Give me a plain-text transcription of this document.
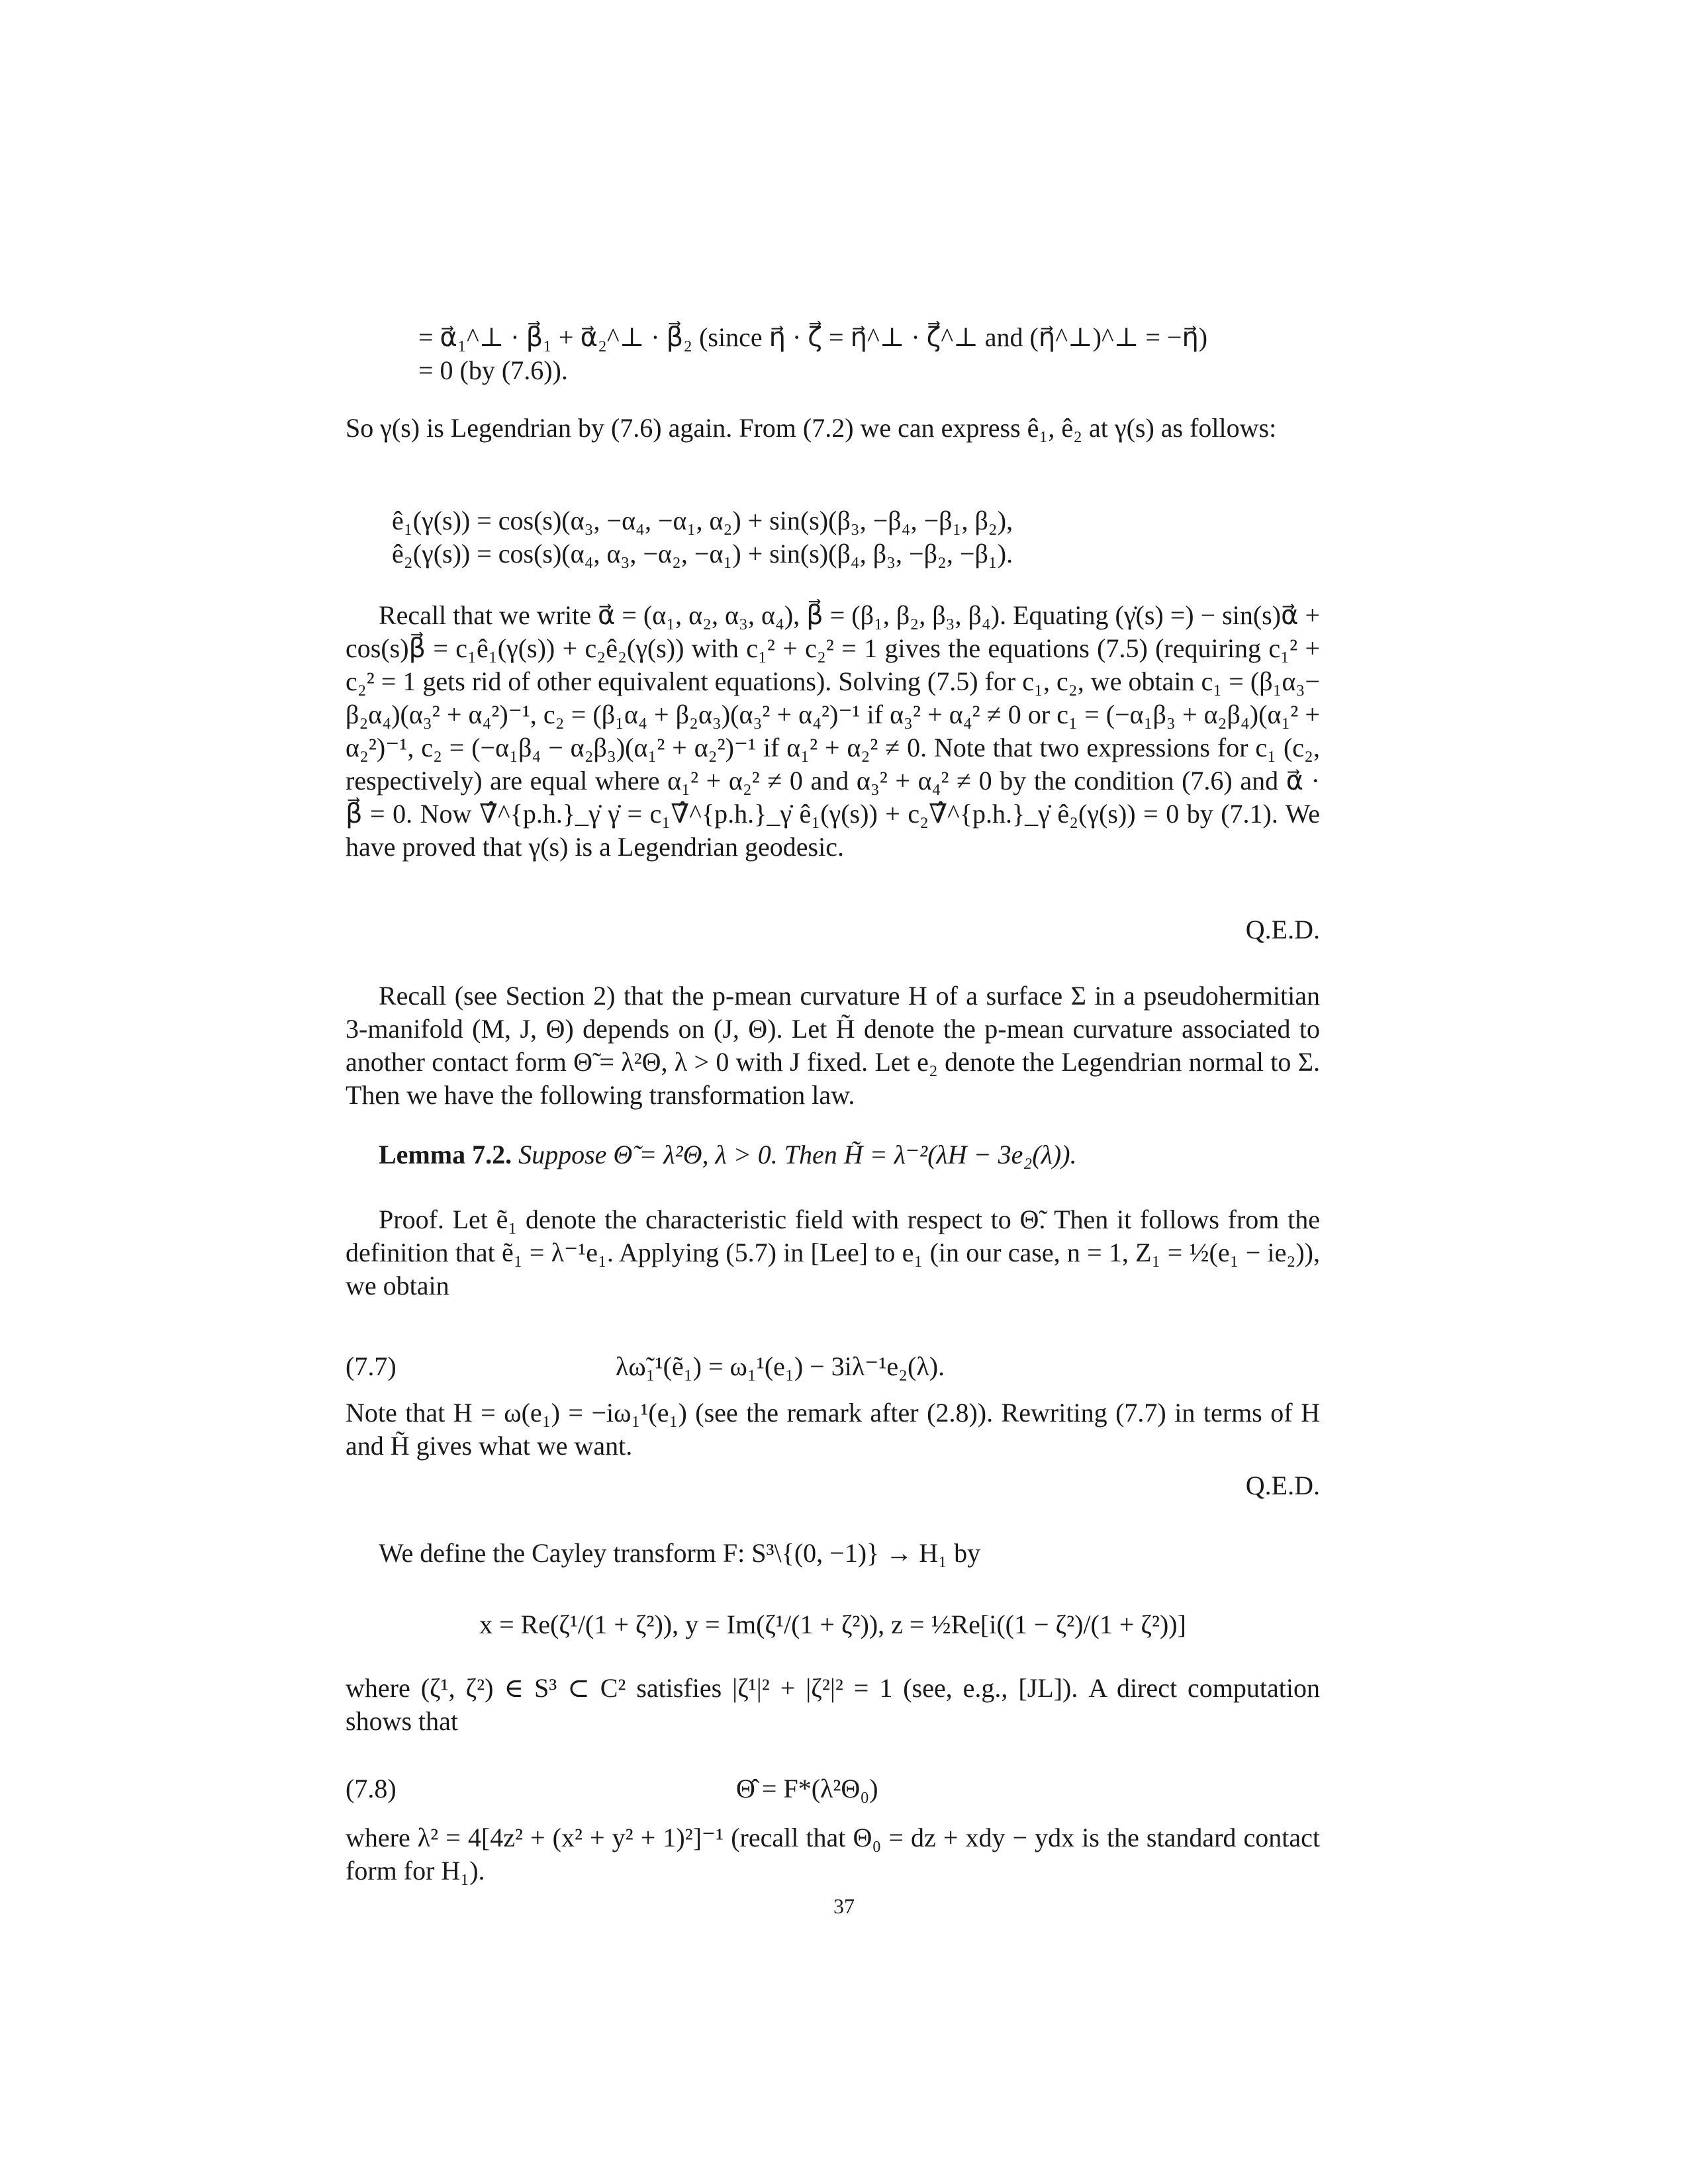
= α⃗₁^⊥ · β⃗₁ + α⃗₂^⊥ · β⃗₂ (since η⃗ · ζ⃗ = η⃗^⊥ · ζ⃗^⊥ and (η⃗^⊥)^⊥ = −η⃗)
= 0 (by (7.6)).

So γ(s) is Legendrian by (7.6) again. From (7.2) we can express ê₁, ê₂ at γ(s) as follows:

ê₁(γ(s)) = cos(s)(α₃, −α₄, −α₁, α₂) + sin(s)(β₃, −β₄, −β₁, β₂),
ê₂(γ(s)) = cos(s)(α₄, α₃, −α₂, −α₁) + sin(s)(β₄, β₃, −β₂, −β₁).

Recall that we write α⃗ = (α₁, α₂, α₃, α₄), β⃗ = (β₁, β₂, β₃, β₄). Equating (γ̇(s) =) − sin(s)α⃗ + cos(s)β⃗ = c₁ê₁(γ(s)) + c₂ê₂(γ(s)) with c₁² + c₂² = 1 gives the equations (7.5) (requiring c₁² + c₂² = 1 gets rid of other equivalent equations). Solving (7.5) for c₁, c₂, we obtain c₁ = (β₁α₃− β₂α₄)(α₃² + α₄²)⁻¹, c₂ = (β₁α₄ + β₂α₃)(α₃² + α₄²)⁻¹ if α₃² + α₄² ≠ 0 or c₁ = (−α₁β₃ + α₂β₄)(α₁² + α₂²)⁻¹, c₂ = (−α₁β₄ − α₂β₃)(α₁² + α₂²)⁻¹ if α₁² + α₂² ≠ 0. Note that two expressions for c₁ (c₂, respectively) are equal where α₁² + α₂² ≠ 0 and α₃² + α₄² ≠ 0 by the condition (7.6) and α⃗ · β⃗ = 0. Now ∇̂^{p.h.}_γ̇ γ̇ = c₁∇̂^{p.h.}_γ̇ ê₁(γ(s)) + c₂∇̂^{p.h.}_γ̇ ê₂(γ(s)) = 0 by (7.1). We have proved that γ(s) is a Legendrian geodesic.

Q.E.D.

Recall (see Section 2) that the p-mean curvature H of a surface Σ in a pseudohermitian 3-manifold (M, J, Θ) depends on (J, Θ). Let H̃ denote the p-mean curvature associated to another contact form Θ̃ = λ²Θ, λ > 0 with J fixed. Let e₂ denote the Legendrian normal to Σ. Then we have the following transformation law.

Lemma 7.2. Suppose Θ̃ = λ²Θ, λ > 0. Then H̃ = λ⁻²(λH − 3e₂(λ)).

Proof. Let ẽ₁ denote the characteristic field with respect to Θ̃. Then it follows from the definition that ẽ₁ = λ⁻¹e₁. Applying (5.7) in [Lee] to e₁ (in our case, n = 1, Z₁ = ½(e₁ − ie₂)), we obtain

(7.7)	λω̃₁¹(ẽ₁) = ω₁¹(e₁) − 3iλ⁻¹e₂(λ).

Note that H = ω(e₁) = −iω₁¹(e₁) (see the remark after (2.8)). Rewriting (7.7) in terms of H and H̃ gives what we want.

Q.E.D.

We define the Cayley transform F: S³\{(0, −1)} → H₁ by

x = Re(ζ¹/(1 + ζ²)), y = Im(ζ¹/(1 + ζ²)), z = ½Re[i((1 − ζ²)/(1 + ζ²))]

where (ζ¹, ζ²) ∈ S³ ⊂ C² satisfies |ζ¹|² + |ζ²|² = 1 (see, e.g., [JL]). A direct computation shows that

(7.8)	Θ̂ = F*(λ²Θ₀)

where λ² = 4[4z² + (x² + y² + 1)²]⁻¹ (recall that Θ₀ = dz + xdy − ydx is the standard contact form for H₁).

37
